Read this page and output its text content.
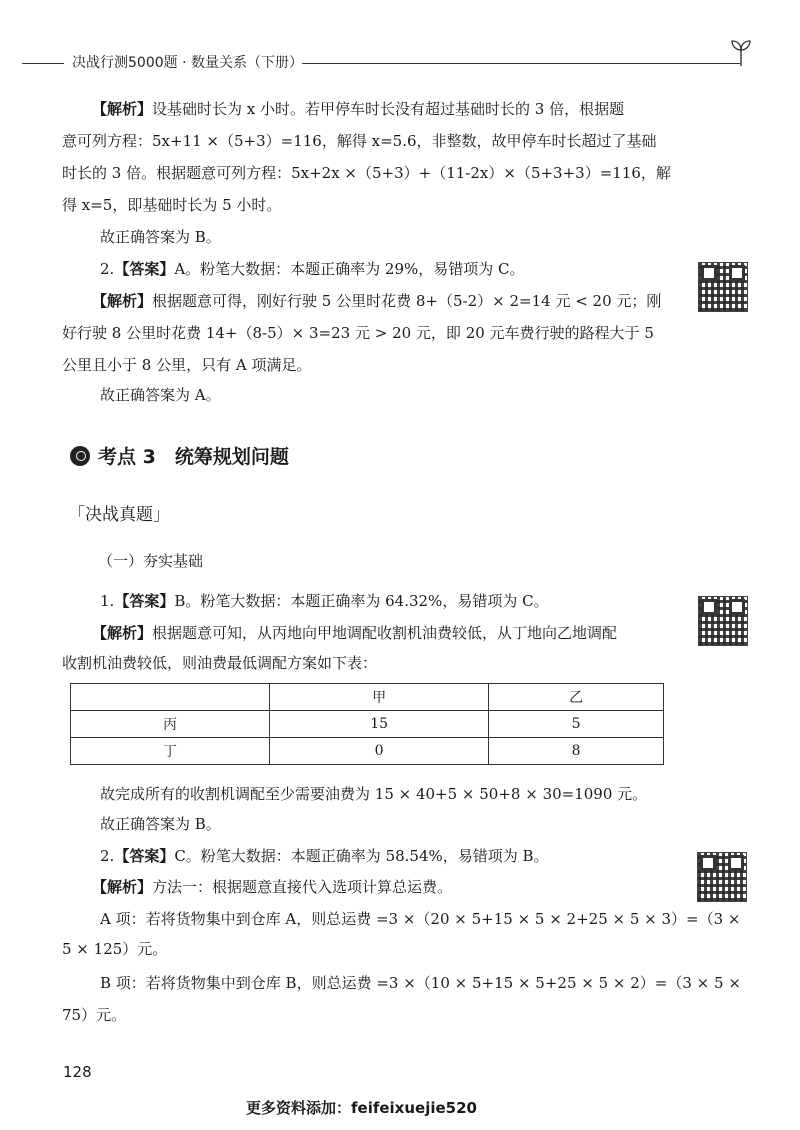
决战行测5000题 · 数量关系（下册）
【解析】设基础时长为 x 小时。若甲停车时长没有超过基础时长的 3 倍，根据题
意可列方程：5x+11 ×（5+3）=116，解得 x=5.6，非整数，故甲停车时长超过了基础
时长的 3 倍。根据题意可列方程：5x+2x ×（5+3）+（11-2x）×（5+3+3）=116，解
得 x=5，即基础时长为 5 小时。
故正确答案为 B。
2.【答案】A。粉笔大数据：本题正确率为 29%，易错项为 C。
【解析】根据题意可得，刚好行驶 5 公里时花费 8+（5-2）× 2=14 元 < 20 元；刚
好行驶 8 公里时花费 14+（8-5）× 3=23 元 > 20 元，即 20 元车费行驶的路程大于 5
公里且小于 8 公里，只有 A 项满足。
故正确答案为 A。
考点 3　统筹规划问题
「决战真题」
（一）夯实基础
1.【答案】B。粉笔大数据：本题正确率为 64.32%，易错项为 C。
【解析】根据题意可知，从丙地向甲地调配收割机油费较低，从丁地向乙地调配
收割机油费较低，则油费最低调配方案如下表：
	甲	乙
丙	15	5
丁	0	8
故完成所有的收割机调配至少需要油费为 15 × 40+5 × 50+8 × 30=1090 元。
故正确答案为 B。
2.【答案】C。粉笔大数据：本题正确率为 58.54%，易错项为 B。
【解析】方法一：根据题意直接代入选项计算总运费。
A 项：若将货物集中到仓库 A，则总运费 =3 ×（20 × 5+15 × 5 × 2+25 × 5 × 3）=（3 ×
5 × 125）元。
B 项：若将货物集中到仓库 B，则总运费 =3 ×（10 × 5+15 × 5+25 × 5 × 2）=（3 × 5 ×
75）元。
128
更多资料添加：feifeixuejie520
